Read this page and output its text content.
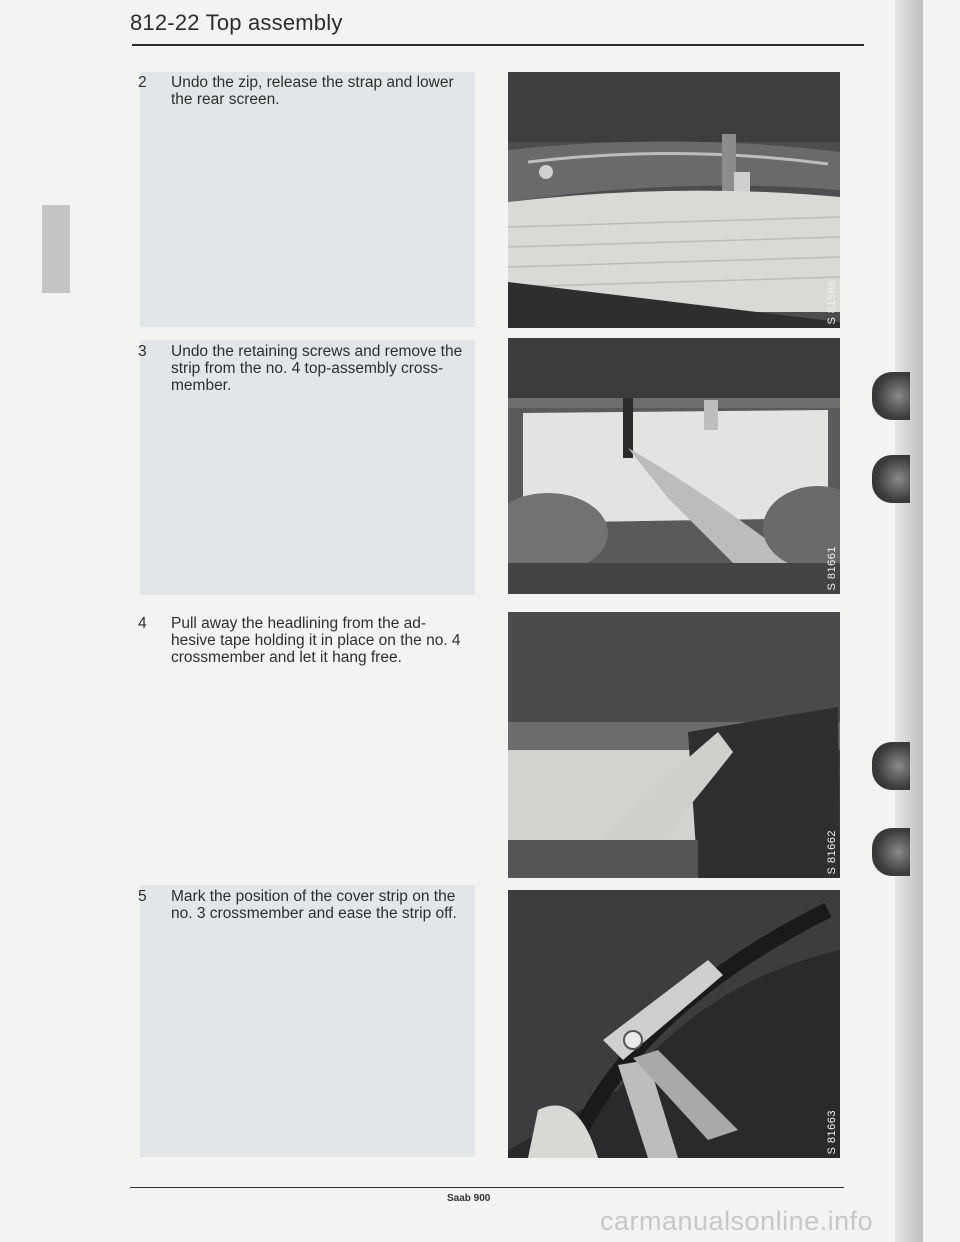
812-22 Top assembly
2	Undo the zip, release the strap and lower
the rear screen.
3	Undo the retaining screws and remove the
strip from the no. 4 top-assembly cross-
member.
4	Pull away the headlining from the ad-
hesive tape holding it in place on the no. 4
crossmember and let it hang free.
5	Mark the position of the cover strip on the
no. 3 crossmember and ease the strip off.
S 81586
S 81661
S 81662
S 81663
Saab 900
carmanualsonline.info
